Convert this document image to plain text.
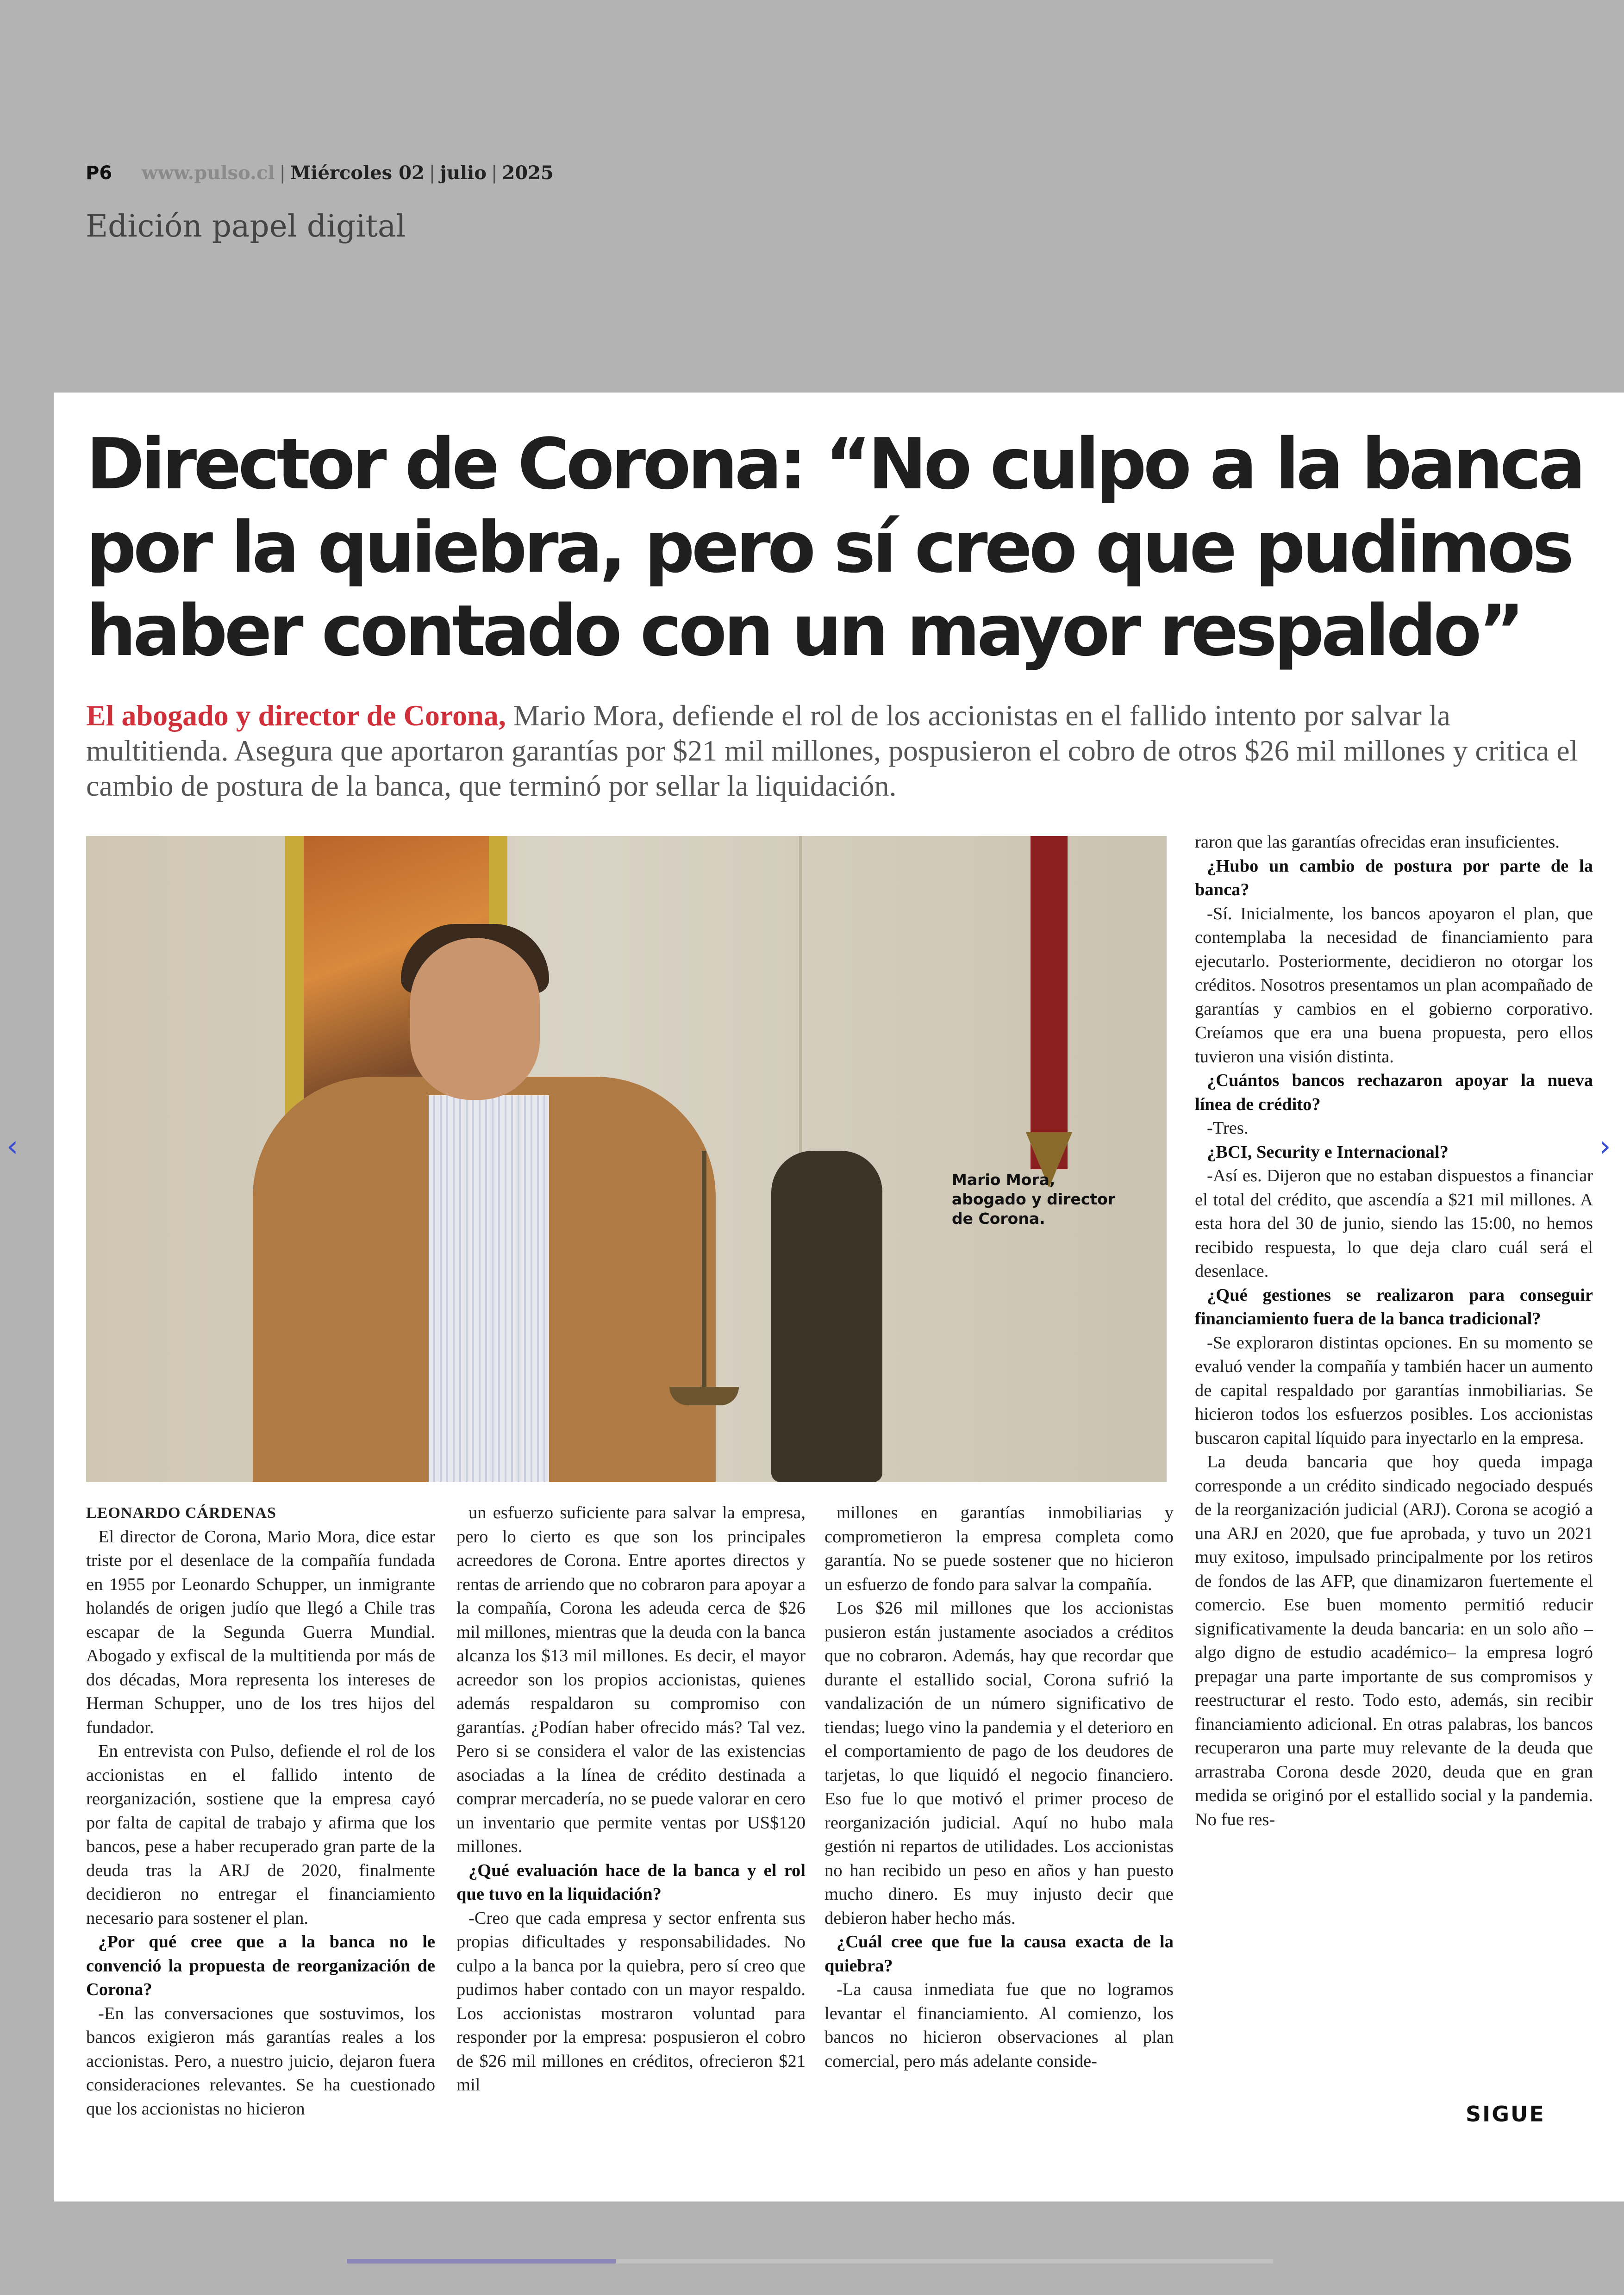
P6 www.pulso.cl | Miércoles 02 | julio | 2025
Edición papel digital
Director de Corona: “No culpo a la banca por la quiebra, pero sí creo que pudimos haber contado con un mayor respaldo”

El abogado y director de Corona, Mario Mora, defiende el rol de los accionistas en el fallido intento por salvar la multitienda. Asegura que aportaron garantías por $21 mil millones, pospusieron el cobro de otros $26 mil millones y critica el cambio de postura de la banca, que terminó por sellar la liquidación.

Mario Mora, abogado y director de Corona.

LEONARDO CÁRDENAS

El director de Corona, Mario Mora, dice estar triste por el desenlace de la compañía fundada en 1955 por Leonardo Schupper, un inmigrante holandés de origen judío que llegó a Chile tras escapar de la Segunda Guerra Mundial. Abogado y exfiscal de la multitienda por más de dos décadas, Mora representa los intereses de Herman Schupper, uno de los tres hijos del fundador.

En entrevista con Pulso, defiende el rol de los accionistas en el fallido intento de reorganización, sostiene que la empresa cayó por falta de capital de trabajo y afirma que los bancos, pese a haber recuperado gran parte de la deuda tras la ARJ de 2020, finalmente decidieron no entregar el financiamiento necesario para sostener el plan.

¿Por qué cree que a la banca no le convenció la propuesta de reorganización de Corona?

-En las conversaciones que sostuvimos, los bancos exigieron más garantías reales a los accionistas. Pero, a nuestro juicio, dejaron fuera consideraciones relevantes. Se ha cuestionado que los accionistas no hicieron

un esfuerzo suficiente para salvar la empresa, pero lo cierto es que son los principales acreedores de Corona. Entre aportes directos y rentas de arriendo que no cobraron para apoyar a la compañía, Corona les adeuda cerca de $26 mil millones, mientras que la deuda con la banca alcanza los $13 mil millones. Es decir, el mayor acreedor son los propios accionistas, quienes además respaldaron su compromiso con garantías. ¿Podían haber ofrecido más? Tal vez. Pero si se considera el valor de las existencias asociadas a la línea de crédito destinada a comprar mercadería, no se puede valorar en cero un inventario que permite ventas por US$120 millones.

¿Qué evaluación hace de la banca y el rol que tuvo en la liquidación?

-Creo que cada empresa y sector enfrenta sus propias dificultades y responsabilidades. No culpo a la banca por la quiebra, pero sí creo que pudimos haber contado con un mayor respaldo. Los accionistas mostraron voluntad para responder por la empresa: pospusieron el cobro de $26 mil millones en créditos, ofrecieron $21 mil

millones en garantías inmobiliarias y comprometieron la empresa completa como garantía. No se puede sostener que no hicieron un esfuerzo de fondo para salvar la compañía.

Los $26 mil millones que los accionistas pusieron están justamente asociados a créditos que no cobraron. Además, hay que recordar que durante el estallido social, Corona sufrió la vandalización de un número significativo de tiendas; luego vino la pandemia y el deterioro en el comportamiento de pago de los deudores de tarjetas, lo que liquidó el negocio financiero. Eso fue lo que motivó el primer proceso de reorganización judicial. Aquí no hubo mala gestión ni repartos de utilidades. Los accionistas no han recibido un peso en años y han puesto mucho dinero. Es muy injusto decir que debieron haber hecho más.

¿Cuál cree que fue la causa exacta de la quiebra?

-La causa inmediata fue que no logramos levantar el financiamiento. Al comienzo, los bancos no hicieron observaciones al plan comercial, pero más adelante conside-

raron que las garantías ofrecidas eran insuficientes.

¿Hubo un cambio de postura por parte de la banca?

-Sí. Inicialmente, los bancos apoyaron el plan, que contemplaba la necesidad de financiamiento para ejecutarlo. Posteriormente, decidieron no otorgar los créditos. Nosotros presentamos un plan acompañado de garantías y cambios en el gobierno corporativo. Creíamos que era una buena propuesta, pero ellos tuvieron una visión distinta.

¿Cuántos bancos rechazaron apoyar la nueva línea de crédito?

-Tres.

¿BCI, Security e Internacional?

-Así es. Dijeron que no estaban dispuestos a financiar el total del crédito, que ascendía a $21 mil millones. A esta hora del 30 de junio, siendo las 15:00, no hemos recibido respuesta, lo que deja claro cuál será el desenlace.

¿Qué gestiones se realizaron para conseguir financiamiento fuera de la banca tradicional?

-Se exploraron distintas opciones. En su momento se evaluó vender la compañía y también hacer un aumento de capital respaldado por garantías inmobiliarias. Se hicieron todos los esfuerzos posibles. Los accionistas buscaron capital líquido para inyectarlo en la empresa.

La deuda bancaria que hoy queda impaga corresponde a un crédito sindicado negociado después de la reorganización judicial (ARJ). Corona se acogió a una ARJ en 2020, que fue aprobada, y tuvo un 2021 muy exitoso, impulsado principalmente por los retiros de fondos de las AFP, que dinamizaron fuertemente el comercio. Ese buen momento permitió reducir significativamente la deuda bancaria: en un solo año –algo digno de estudio académico– la empresa logró prepagar una parte importante de sus compromisos y reestructurar el resto. Todo esto, además, sin recibir financiamiento adicional. En otras palabras, los bancos recuperaron una parte muy relevante de la deuda que arrastraba Corona desde 2020, deuda que en gran medida se originó por el estallido social y la pandemia. No fue res-

SIGUE

‹	›
